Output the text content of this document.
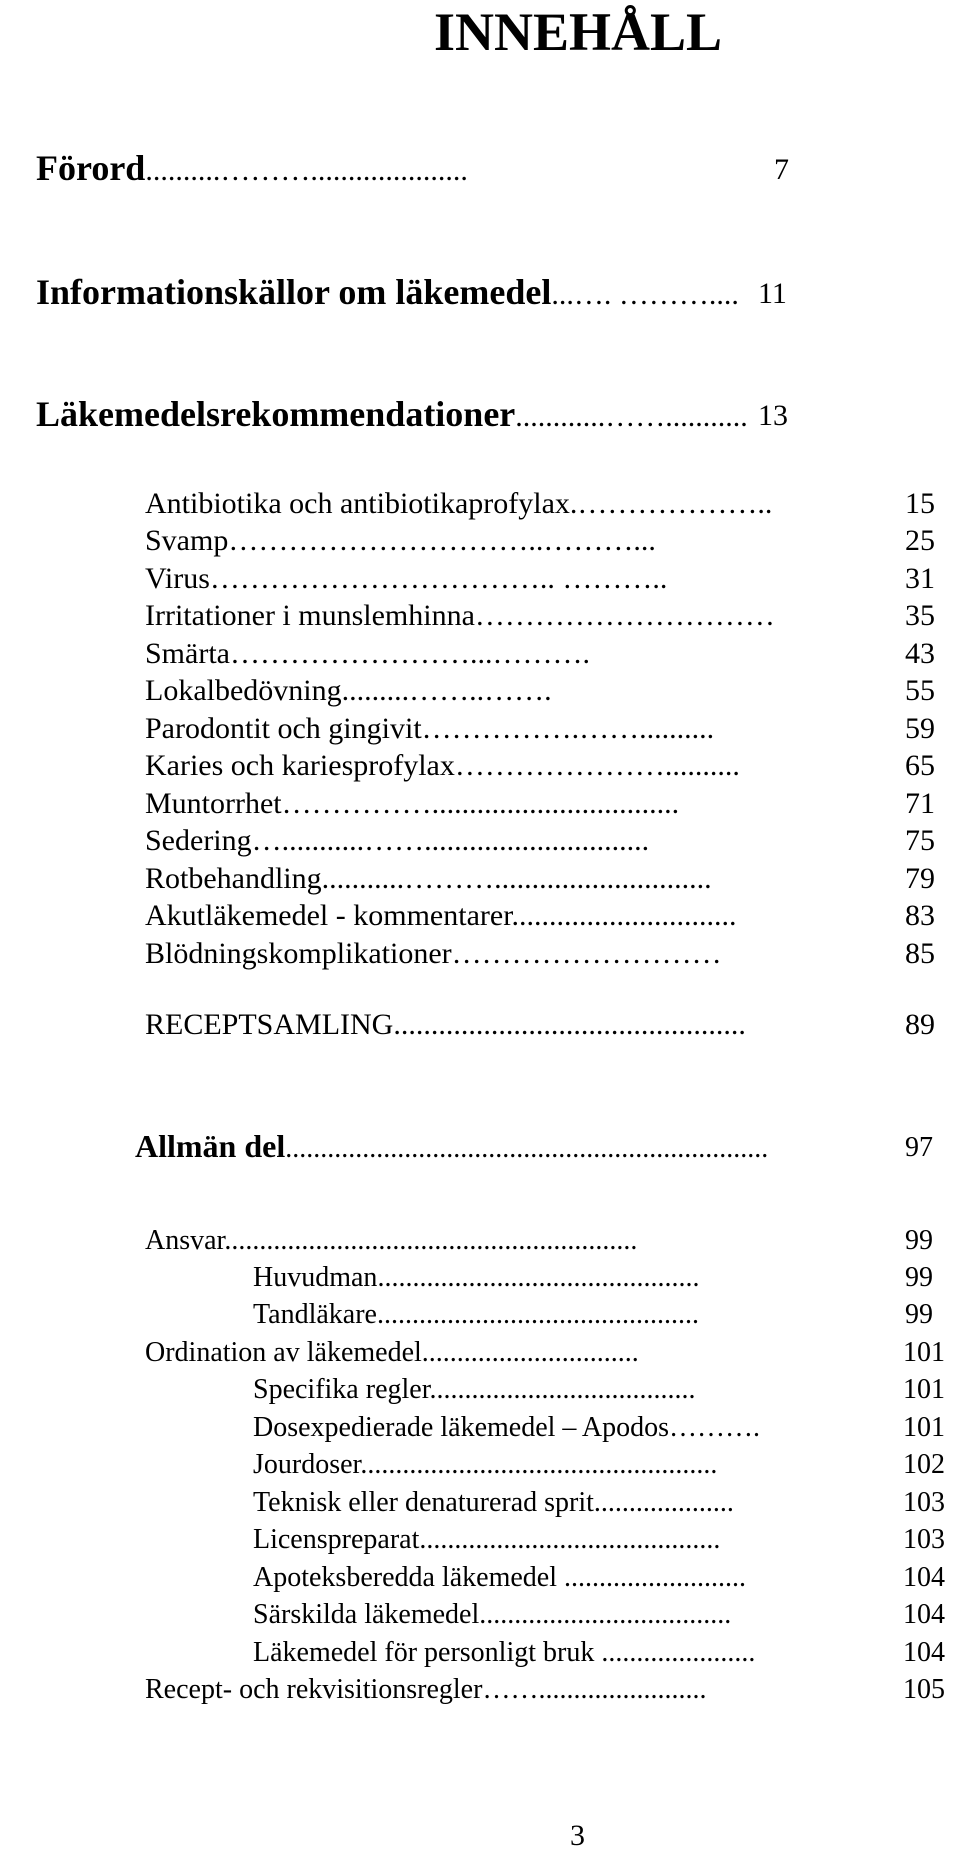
INNEHÅLL
Förord..........……….....................	7
Informationskällor om läkemedel...…. ……….... 11
Läkemedelsrekommendationer............……........... 13
Antibiotika och antibiotikaprofylax.………………..	15
Svamp…………………………..………...	25
Virus…………………………….. ………..	31
Irritationer i munslemhinna…………………………	35
Smärta……………………...……….	43
Lokalbedövning.........……..…….	55
Parodontit och gingivit…………….……..........	59
Karies och kariesprofylax…………………..........	65
Muntorrhet…………….................................	71
Sedering…...........……..............................	75
Rotbehandling...........……….............................	79
Akutläkemedel - kommentarer..............................	83
Blödningskomplikationer………………………	85
RECEPTSAMLING...............................................	89
Allmän del.....................................................................	97
Ansvar...........................................................	99
Huvudman..............................................	99
Tandläkare..............................................	99
Ordination av läkemedel...............................	101
Specifika regler......................................	101
Dosexpedierade läkemedel – Apodos……….	101
Jourdoser...................................................	102
Teknisk eller denaturerad sprit....................	103
Licenspreparat...........................................	103
Apoteksberedda läkemedel ..........................	104
Särskilda läkemedel....................................	104
Läkemedel för personligt bruk ......................	104
Recept- och rekvisitionsregler……........................	105
3
